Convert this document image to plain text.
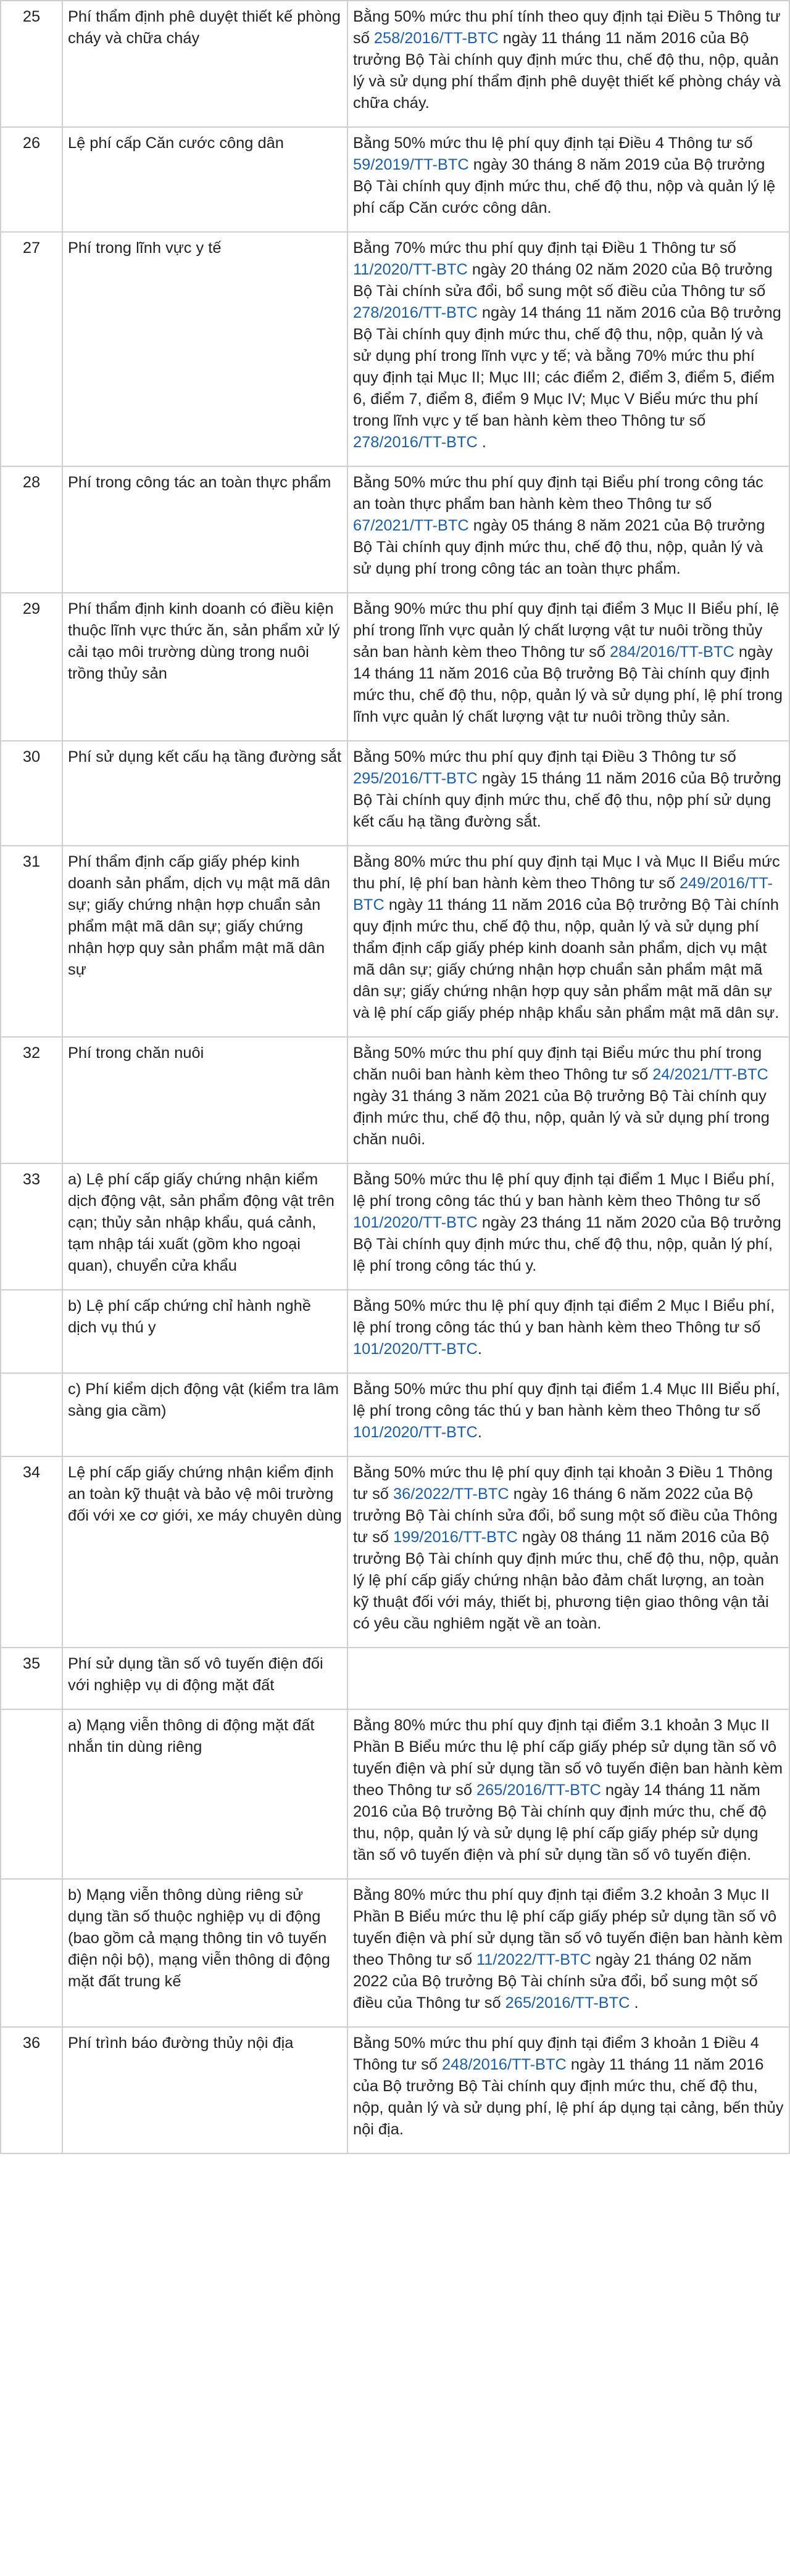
25	Phí thẩm định phê duyệt thiết kế phòng cháy và chữa cháy	Bằng 50% mức thu phí tính theo quy định tại Điều 5 Thông tư số 258/2016/TT-BTC ngày 11 tháng 11 năm 2016 của Bộ trưởng Bộ Tài chính quy định mức thu, chế độ thu, nộp, quản lý và sử dụng phí thẩm định phê duyệt thiết kế phòng cháy và chữa cháy.
26	Lệ phí cấp Căn cước công dân	Bằng 50% mức thu lệ phí quy định tại Điều 4 Thông tư số 59/2019/TT-BTC ngày 30 tháng 8 năm 2019 của Bộ trưởng Bộ Tài chính quy định mức thu, chế độ thu, nộp và quản lý lệ phí cấp Căn cước công dân.
27	Phí trong lĩnh vực y tế	Bằng 70% mức thu phí quy định tại Điều 1 Thông tư số 11/2020/TT-BTC ngày 20 tháng 02 năm 2020 của Bộ trưởng Bộ Tài chính sửa đổi, bổ sung một số điều của Thông tư số 278/2016/TT-BTC ngày 14 tháng 11 năm 2016 của Bộ trưởng Bộ Tài chính quy định mức thu, chế độ thu, nộp, quản lý và sử dụng phí trong lĩnh vực y tế; và bằng 70% mức thu phí quy định tại Mục II; Mục III; các điểm 2, điểm 3, điểm 5, điểm 6, điểm 7, điểm 8, điểm 9 Mục IV; Mục V Biểu mức thu phí trong lĩnh vực y tế ban hành kèm theo Thông tư số 278/2016/TT-BTC .
28	Phí trong công tác an toàn thực phẩm	Bằng 50% mức thu phí quy định tại Biểu phí trong công tác an toàn thực phẩm ban hành kèm theo Thông tư số 67/2021/TT-BTC ngày 05 tháng 8 năm 2021 của Bộ trưởng Bộ Tài chính quy định mức thu, chế độ thu, nộp, quản lý và sử dụng phí trong công tác an toàn thực phẩm.
29	Phí thẩm định kinh doanh có điều kiện thuộc lĩnh vực thức ăn, sản phẩm xử lý cải tạo môi trường dùng trong nuôi trồng thủy sản	Bằng 90% mức thu phí quy định tại điểm 3 Mục II Biểu phí, lệ phí trong lĩnh vực quản lý chất lượng vật tư nuôi trồng thủy sản ban hành kèm theo Thông tư số 284/2016/TT-BTC ngày 14 tháng 11 năm 2016 của Bộ trưởng Bộ Tài chính quy định mức thu, chế độ thu, nộp, quản lý và sử dụng phí, lệ phí trong lĩnh vực quản lý chất lượng vật tư nuôi trồng thủy sản.
30	Phí sử dụng kết cấu hạ tầng đường sắt	Bằng 50% mức thu phí quy định tại Điều 3 Thông tư số 295/2016/TT-BTC ngày 15 tháng 11 năm 2016 của Bộ trưởng Bộ Tài chính quy định mức thu, chế độ thu, nộp phí sử dụng kết cấu hạ tầng đường sắt.
31	Phí thẩm định cấp giấy phép kinh doanh sản phẩm, dịch vụ mật mã dân sự; giấy chứng nhận hợp chuẩn sản phẩm mật mã dân sự; giấy chứng nhận hợp quy sản phẩm mật mã dân sự	Bằng 80% mức thu phí quy định tại Mục I và Mục II Biểu mức thu phí, lệ phí ban hành kèm theo Thông tư số 249/2016/TT-BTC ngày 11 tháng 11 năm 2016 của Bộ trưởng Bộ Tài chính quy định mức thu, chế độ thu, nộp, quản lý và sử dụng phí thẩm định cấp giấy phép kinh doanh sản phẩm, dịch vụ mật mã dân sự; giấy chứng nhận hợp chuẩn sản phẩm mật mã dân sự; giấy chứng nhận hợp quy sản phẩm mật mã dân sự và lệ phí cấp giấy phép nhập khẩu sản phẩm mật mã dân sự.
32	Phí trong chăn nuôi	Bằng 50% mức thu phí quy định tại Biểu mức thu phí trong chăn nuôi ban hành kèm theo Thông tư số 24/2021/TT-BTC ngày 31 tháng 3 năm 2021 của Bộ trưởng Bộ Tài chính quy định mức thu, chế độ thu, nộp, quản lý và sử dụng phí trong chăn nuôi.
33	a) Lệ phí cấp giấy chứng nhận kiểm dịch động vật, sản phẩm động vật trên cạn; thủy sản nhập khẩu, quá cảnh, tạm nhập tái xuất (gồm kho ngoại quan), chuyển cửa khẩu	Bằng 50% mức thu lệ phí quy định tại điểm 1 Mục I Biểu phí, lệ phí trong công tác thú y ban hành kèm theo Thông tư số 101/2020/TT-BTC ngày 23 tháng 11 năm 2020 của Bộ trưởng Bộ Tài chính quy định mức thu, chế độ thu, nộp, quản lý phí, lệ phí trong công tác thú y.
	b) Lệ phí cấp chứng chỉ hành nghề dịch vụ thú y	Bằng 50% mức thu lệ phí quy định tại điểm 2 Mục I Biểu phí, lệ phí trong công tác thú y ban hành kèm theo Thông tư số 101/2020/TT-BTC.
	c) Phí kiểm dịch động vật (kiểm tra lâm sàng gia cầm)	Bằng 50% mức thu phí quy định tại điểm 1.4 Mục III Biểu phí, lệ phí trong công tác thú y ban hành kèm theo Thông tư số 101/2020/TT-BTC.
34	Lệ phí cấp giấy chứng nhận kiểm định an toàn kỹ thuật và bảo vệ môi trường đối với xe cơ giới, xe máy chuyên dùng	Bằng 50% mức thu lệ phí quy định tại khoản 3 Điều 1 Thông tư số 36/2022/TT-BTC ngày 16 tháng 6 năm 2022 của Bộ trưởng Bộ Tài chính sửa đổi, bổ sung một số điều của Thông tư số 199/2016/TT-BTC ngày 08 tháng 11 năm 2016 của Bộ trưởng Bộ Tài chính quy định mức thu, chế độ thu, nộp, quản lý lệ phí cấp giấy chứng nhận bảo đảm chất lượng, an toàn kỹ thuật đối với máy, thiết bị, phương tiện giao thông vận tải có yêu cầu nghiêm ngặt về an toàn.
35	Phí sử dụng tần số vô tuyến điện đối với nghiệp vụ di động mặt đất	
	a) Mạng viễn thông di động mặt đất nhắn tin dùng riêng	Bằng 80% mức thu phí quy định tại điểm 3.1 khoản 3 Mục II Phần B Biểu mức thu lệ phí cấp giấy phép sử dụng tần số vô tuyến điện và phí sử dụng tần số vô tuyến điện ban hành kèm theo Thông tư số 265/2016/TT-BTC ngày 14 tháng 11 năm 2016 của Bộ trưởng Bộ Tài chính quy định mức thu, chế độ thu, nộp, quản lý và sử dụng lệ phí cấp giấy phép sử dụng tần số vô tuyến điện và phí sử dụng tần số vô tuyến điện.
	b) Mạng viễn thông dùng riêng sử dụng tần số thuộc nghiệp vụ di động (bao gồm cả mạng thông tin vô tuyến điện nội bộ), mạng viễn thông di động mặt đất trung kế	Bằng 80% mức thu phí quy định tại điểm 3.2 khoản 3 Mục II Phần B Biểu mức thu lệ phí cấp giấy phép sử dụng tần số vô tuyến điện và phí sử dụng tần số vô tuyến điện ban hành kèm theo Thông tư số 11/2022/TT-BTC ngày 21 tháng 02 năm 2022 của Bộ trưởng Bộ Tài chính sửa đổi, bổ sung một số điều của Thông tư số 265/2016/TT-BTC .
36	Phí trình báo đường thủy nội địa	Bằng 50% mức thu phí quy định tại điểm 3 khoản 1 Điều 4 Thông tư số 248/2016/TT-BTC ngày 11 tháng 11 năm 2016 của Bộ trưởng Bộ Tài chính quy định mức thu, chế độ thu, nộp, quản lý và sử dụng phí, lệ phí áp dụng tại cảng, bến thủy nội địa.
